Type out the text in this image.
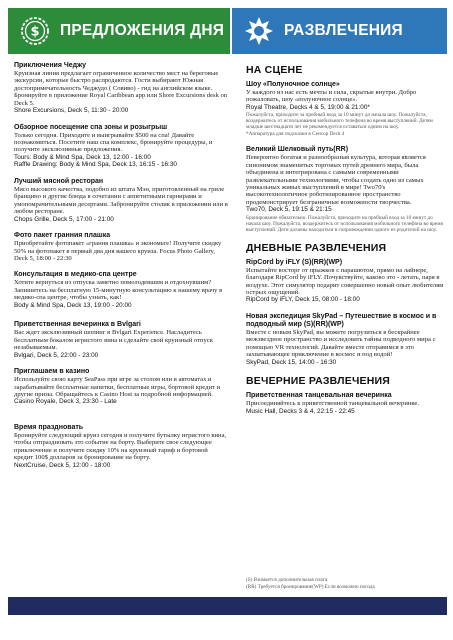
$ ПРЕДЛОЖЕНИЯ ДНЯ	РАЗВЛЕЧЕНИЯ
Приключения Чеджу
Круизная линия предлагает ограниченное количество мест на береговые экскурсии, которые быстро распродаются. Гости выбирают Южная достопримечательность Чеджудо ( Совиво) - гид на английском языке. Бронируйте в приложение Royal Caribbean app или Shore Excursions desk on Deck 5.
Shore Excursions, Deck 5, 11:30 - 20:00
Обзорное посещение спа зоны и розыгрыш
Только сегодня. Приходите и выигрывайте $500 на спа! Давайте познакомиться. Посетите наш спа комплекс, бронируйте процедуры, и получите эксклюзивные предложения.
Tours: Body & Mind Spa, Deck 13, 12:00 - 16:00
Raffle Drawing: Body & Mind Spa, Deck 13, 16:15 - 16:30
Лучший мясной ресторан
Мясо высокого качества, подобно из штата Мэн, приготовленный на гриле бранцино и другие блюда в сочетании с аппетитными гарнирами и умопомрачительными десертами. Забронируйте столик в приложении или в любом ресторане.
Chops Grille, Deck 5, 17:00 - 21:00
Фото пакет гранния плашка
Приобретайте фотопакет «грання плашка» и экономьте! Получите скидку 50% на фотопакет в первый два дня вашего круиза. Focus Photo Gallery, Deck 5, 18:00 - 22:30
Консультация в медико-спа центре
Хотите вернуться из отпуска заметно помолодевшим и отдохнувшим? Запишитесь на бесплатную 15-минутную консультацию к нашему врачу в медико-спа центре, чтобы узнать, как!
Body & Mind Spa, Deck 13, 19:00 - 20:00
Приветственная вечеринка в Bvlgari
Вас ждет эксклюзивный шопинг в Bvlgari Experience. Насладитесь бесплатным бокалом игристого вина и сделайте свой круизный отпуск незабываемым.
Bvlgari, Deck 5, 22:00 - 23:00
Приглашаем в казино
Используйте свою карту SeaPass при игре за столом или в автоматах и зарабатывайте бесплатные напитки, бесплатные игры, бортовой кредит и другие призы. Обращайтесь к Casino Host за подробной информацией.
Casino Royale, Deck 3, 23:30 - Late
Время праздновать
Бронируйте следующий круиз сегодня и получите бутылку игристого вина, чтобы отпраздновать это событие на борту. Выберите свое следующее приключение и получите скидку 10% на круизный тариф и бортовой кредит 100$ долларов за бронирование на борту.
NextCruise, Deck 5, 12:00 - 18:00
НА СЦЕНЕ
Шоу «Полуночное солнце»
У каждого из нас есть мечты и сила, скрытые внутри. Добро пожаловать, шоу «полуночное солнце».
Royal Theatre, Decks 4 & 5, 19:00 & 21:00*
Пожалуйста, приходите за пробный вход за 10 минут до начала шоу. Пожалуйста, воздержитесь от использования мобильного телефона во время выступлений. Детям младше шестнадцати лет не рекомендуется оставаться одним на шоу.
*Аппаратура для подсказки в Сенсор Deck 4
Великий Шелковый путь(RR)
Невероятно богатая и разнообразная культура, которая является синонимом знаменитых торговых путей древнего мира, была объединена и интегрирована с самыми современными развлекательными технологиями, чтобы создать одно из самых уникальных живых выступлений в мире! Two70's высокотехнологичное роботизированное пространство продемонстрирует безграничные возможности творчества.
Two70, Deck 5, 19:15 & 21:15
Бронирование обязательно. Пожалуйста, приходите на пробный вход за 10 минут до начала шоу. Пожалуйста, воздержитесь от использования мобильного телефона во время выступлений. Дети должны находиться в сопровождении одного из родителей на шоу.
ДНЕВНЫЕ РАЗВЛЕЧЕНИЯ
RipCord by iFLY (S)(RR)(WP)
Испытайте восторг от прыжков с парашютом, прямо на лайнере, благодаря RipCord by iFLY. Почувствуйте, каково это - летать, паря в воздухе. Этот симулятор подарит совершенно новый опыт любителям острых ощущений.
RipCord by iFLY, Deck 15, 08:00 - 18:00
Новая экспедиция SkyPad – Путешествие в космос и в подводный мир (S)(RR)(WP)
Вместе с новым SkyPad, вы можете погрузиться в бескрайнее межзвездное пространство и исследовать тайны подводного мира с помощью VR технологий. Давайте вместе отправимся в это захватывающее приключение в космос и под водой!
SkyPad, Deck 15, 14:00 - 16:30
ВЕЧЕРНИЕ РАЗВЛЕЧЕНИЯ
Приветственная танцевальная вечеринка
Присоединяйтесь к приветственной танцевальной вечеринке.
Music Hall, Decks 3 & 4, 22:15 - 22:45
(S) Взимается дополнительная плата.
(RR) Требуется бронирование(WP) Если возможно погода
